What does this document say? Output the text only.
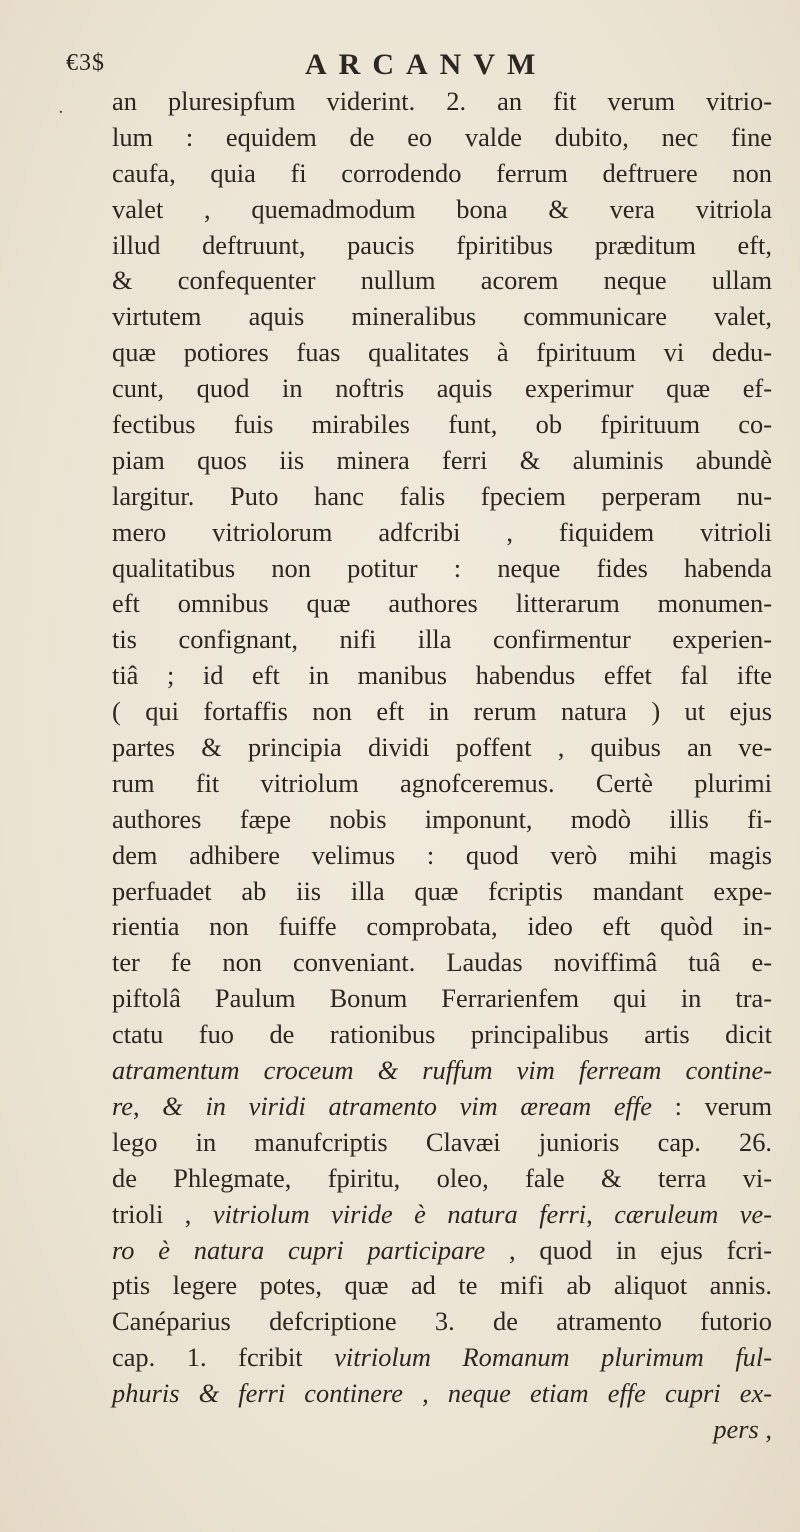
€3$	ARCANVM
· an pluresipfum viderint. 2. an fit verum vitrio-
lum : equidem de eo valde dubito, nec fine
caufa, quia fi corrodendo ferrum deftruere non
valet , quemadmodum bona & vera vitriola
illud deftruunt, paucis fpiritibus præditum eft,
& confequenter nullum acorem neque ullam
virtutem aquis mineralibus communicare valet,
quæ potiores fuas qualitates à fpirituum vi dedu-
cunt, quod in noftris aquis experimur quæ ef-
fectibus fuis mirabiles funt, ob fpirituum co-
piam quos iis minera ferri & aluminis abundè
largitur. Puto hanc falis fpeciem perperam nu-
mero vitriolorum adfcribi , fiquidem vitrioli
qualitatibus non potitur : neque fides habenda
eft omnibus quæ authores litterarum monumen-
tis confignant, nifi illa confirmentur experien-
tiâ ; id eft in manibus habendus effet fal ifte
( qui fortaffis non eft in rerum natura ) ut ejus
partes & principia dividi poffent , quibus an ve-
rum fit vitriolum agnofceremus. Certè plurimi
authores fæpe nobis imponunt, modò illis fi-
dem adhibere velimus : quod verò mihi magis
perfuadet ab iis illa quæ fcriptis mandant expe-
rientia non fuiffe comprobata, ideo eft quòd in-
ter fe non conveniant. Laudas noviffimâ tuâ e-
piftolâ Paulum Bonum Ferrarienfem qui in tra-
ctatu fuo de rationibus principalibus artis dicit
atramentum croceum & ruffum vim ferream contine-
re, & in viridi atramento vim æream effe : verum
lego in manufcriptis Clavæi junioris cap. 26.
de Phlegmate, fpiritu, oleo, fale & terra vi-
trioli , vitriolum viride è natura ferri, cæruleum ve-
ro è natura cupri participare , quod in ejus fcri-
ptis legere potes, quæ ad te mifi ab aliquot annis.
Canéparius defcriptione 3. de atramento futorio
cap. 1. fcribit vitriolum Romanum plurimum ful-
phuris & ferri continere , neque etiam effe cupri ex-
pers ,
